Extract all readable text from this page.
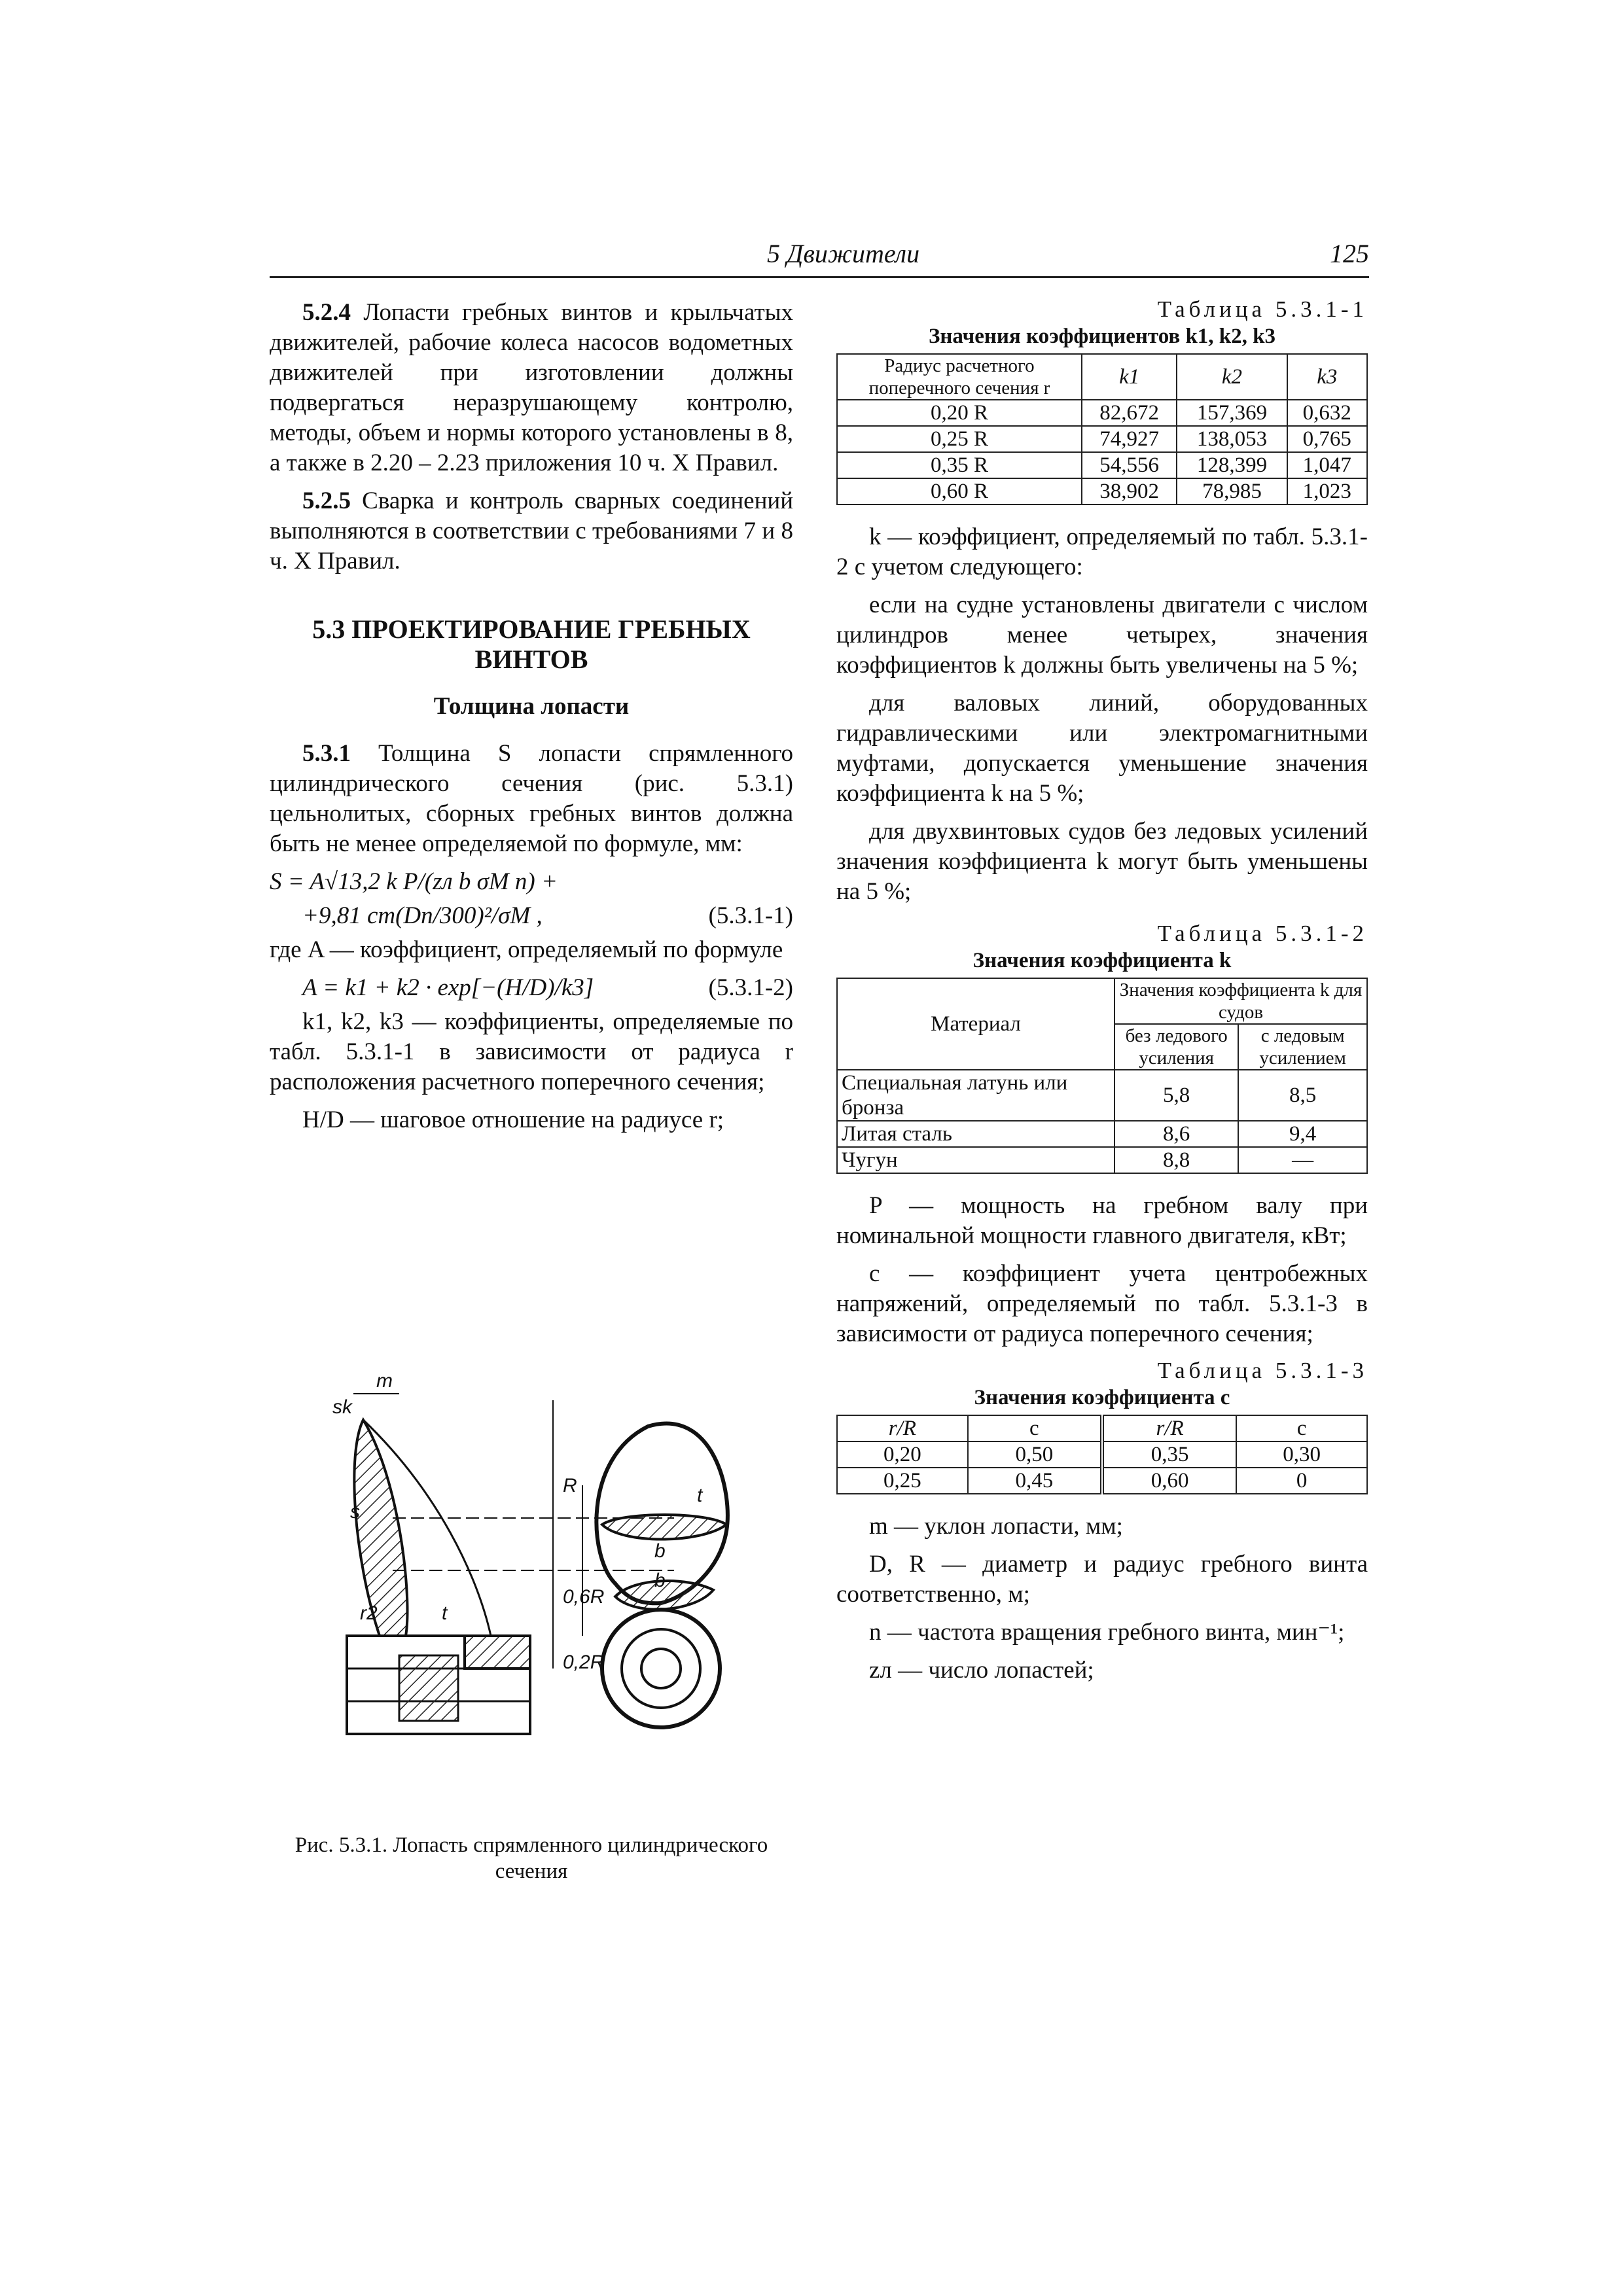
5 Движители	125

5.2.4 Лопасти гребных винтов и крыльчатых движителей, рабочие колеса насосов водометных движителей при изготовлении должны подвергаться неразрушающему контролю, методы, объем и нормы которого установлены в 8, а также в 2.20 – 2.23 приложения 10 ч. X Правил.

5.2.5 Сварка и контроль сварных соединений выполняются в соответствии с требованиями 7 и 8 ч. X Правил.

5.3 ПРОЕКТИРОВАНИЕ ГРЕБНЫХ
ВИНТОВ
Толщина лопасти

5.3.1 Толщина S лопасти спрямленного цилиндрического сечения (рис. 5.3.1) цельнолитых, сборных гребных винтов должна быть не менее определяемой по формуле, мм:

S = A√13,2 k P/(zл b σМ n) +
+9,81 cm(Dn/300)²/σМ ,	(5.3.1-1)

где A — коэффициент, определяемый по формуле

A = k1 + k2 · exp[−(H/D)/k3]	(5.3.1-2)

k1, k2, k3 — коэффициенты, определяемые по табл. 5.3.1-1 в зависимости от радиуса r расположения расчетного поперечного сечения;

H/D — шаговое отношение на радиусе r;

m
sk
s
r2	t
R
0,6R
0,2R
b
b
t
Рис. 5.3.1. Лопасть спрямленного цилиндрического сечения
Таблица 5.3.1-1
Значения коэффициентов k1, k2, k3
Радиус расчетного поперечного сечения r	k1	k2	k3
0,20 R	82,672	157,369	0,632
0,25 R	74,927	138,053	0,765
0,35 R	54,556	128,399	1,047
0,60 R	38,902	78,985	1,023

k — коэффициент, определяемый по табл. 5.3.1-2 с учетом следующего:

если на судне установлены двигатели с числом цилиндров менее четырех, значения коэффициентов k должны быть увеличены на 5 %;

для валовых линий, оборудованных гидравлическими или электромагнитными муфтами, допускается уменьшение значения коэффициента k на 5 %;

для двухвинтовых судов без ледовых усилений значения коэффициента k могут быть уменьшены на 5 %;

Таблица 5.3.1-2
Значения коэффициента k
Материал	Значения коэффициента k для судов	
	без ледового усиления	с ледовым усилением
Специальная латунь или бронза	5,8	8,5
Литая сталь	8,6	9,4
Чугун	8,8	—

P — мощность на гребном валу при номинальной мощности главного двигателя, кВт;

c — коэффициент учета центробежных напряжений, определяемый по табл. 5.3.1-3 в зависимости от радиуса поперечного сечения;

Таблица 5.3.1-3
Значения коэффициента c
r/R	c	r/R	c
0,20	0,50	0,35	0,30
0,25	0,45	0,60	0

m — уклон лопасти, мм;

D, R — диаметр и радиус гребного винта соответственно, м;

n — частота вращения гребного винта, мин⁻¹;

zл — число лопастей;
